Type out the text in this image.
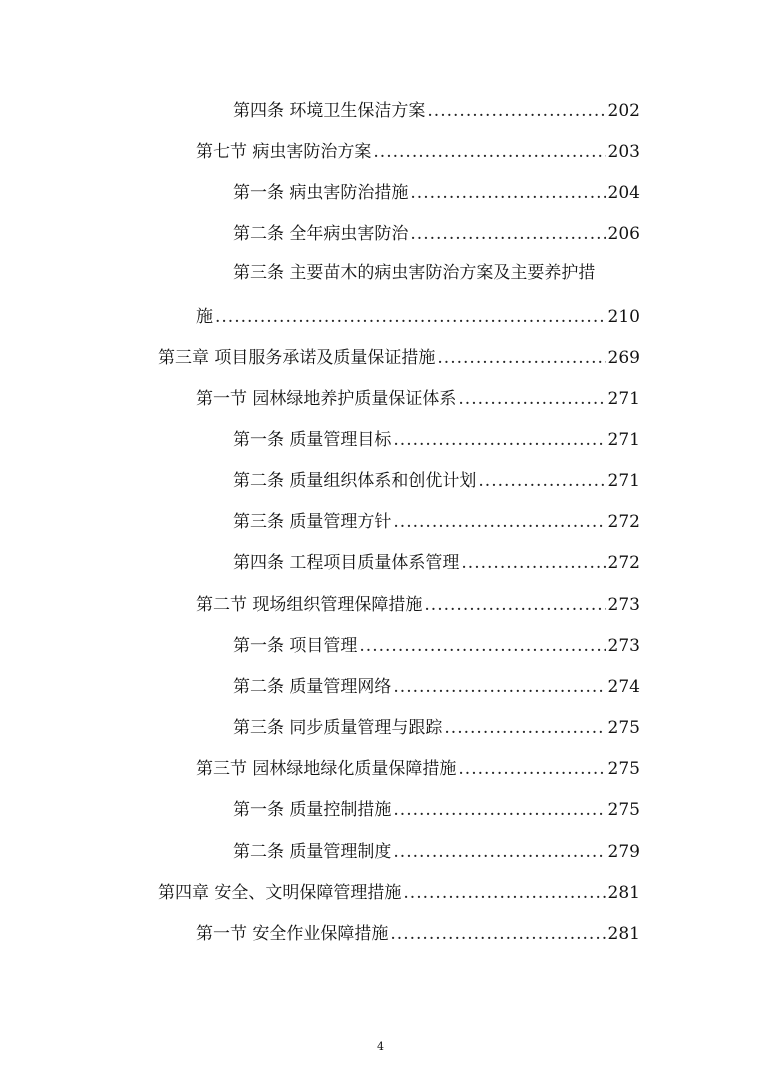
第四条 环境卫生保洁方案 .....	202
第七节 病虫害防治方案 .....	203
第一条 病虫害防治措施 .....	204
第二条 全年病虫害防治 .....	206
第三条 主要苗木的病虫害防治方案及主要养护措
施 .....	210
第三章 项目服务承诺及质量保证措施 .....	269
第一节 园林绿地养护质量保证体系 .....	271
第一条 质量管理目标 .....	271
第二条 质量组织体系和创优计划 .....	271
第三条 质量管理方针 .....	272
第四条 工程项目质量体系管理 .....	272
第二节 现场组织管理保障措施 .....	273
第一条 项目管理 .....	273
第二条 质量管理网络 .....	274
第三条 同步质量管理与跟踪 .....	275
第三节 园林绿地绿化质量保障措施 .....	275
第一条 质量控制措施 .....	275
第二条 质量管理制度 .....	279
第四章 安全、文明保障管理措施 .....	281
第一节 安全作业保障措施 .....	281
4
